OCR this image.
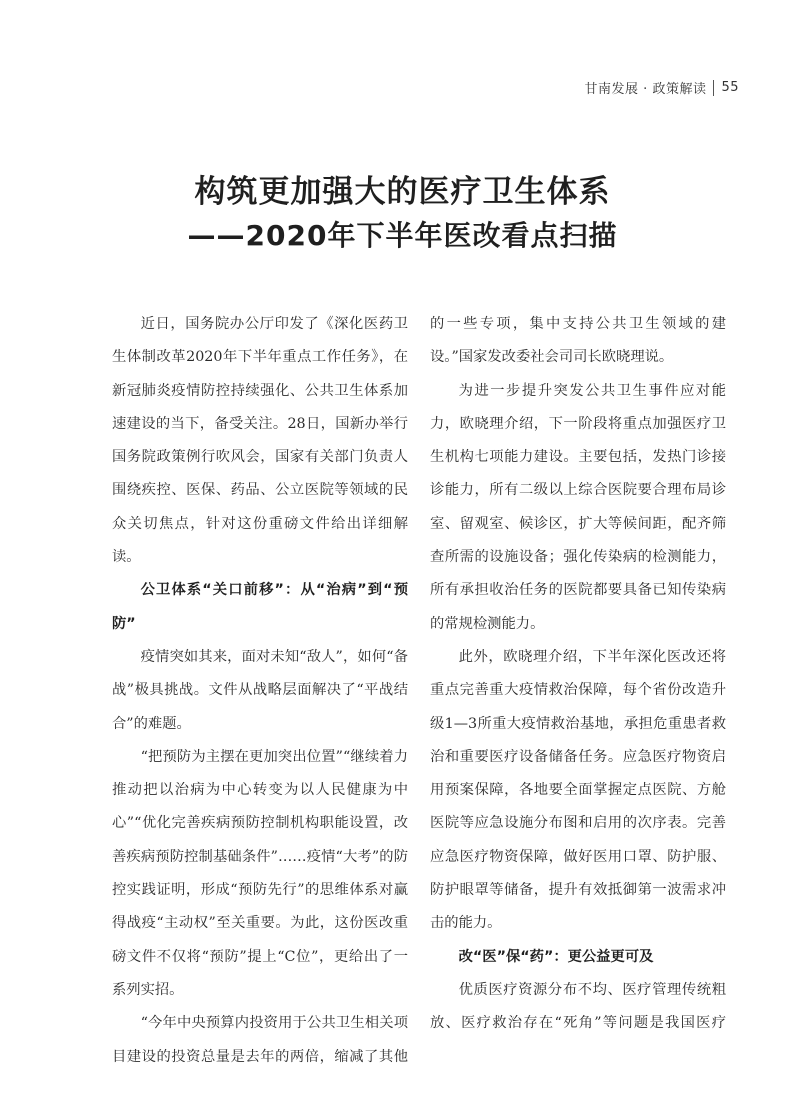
甘南发展 · 政策解读 55
构筑更加强大的医疗卫生体系
——2020年下半年医改看点扫描

近日，国务院办公厅印发了《深化医药卫生体制改革2020年下半年重点工作任务》，在新冠肺炎疫情防控持续强化、公共卫生体系加速建设的当下，备受关注。28日，国新办举行国务院政策例行吹风会，国家有关部门负责人围绕疾控、医保、药品、公立医院等领域的民众关切焦点，针对这份重磅文件给出详细解读。

公卫体系“关口前移”：从“治病”到“预防”

疫情突如其来，面对未知“敌人”，如何“备战”极具挑战。文件从战略层面解决了“平战结合”的难题。

“把预防为主摆在更加突出位置”“继续着力推动把以治病为中心转变为以人民健康为中心”“优化完善疾病预防控制机构职能设置，改善疾病预防控制基础条件”……疫情“大考”的防控实践证明，形成“预防先行”的思维体系对赢得战疫“主动权”至关重要。为此，这份医改重磅文件不仅将“预防”提上“C位”，更给出了一系列实招。

“今年中央预算内投资用于公共卫生相关项目建设的投资总量是去年的两倍，缩减了其他

的一些专项，集中支持公共卫生领域的建设。”国家发改委社会司司长欧晓理说。

为进一步提升突发公共卫生事件应对能力，欧晓理介绍，下一阶段将重点加强医疗卫生机构七项能力建设。主要包括，发热门诊接诊能力，所有二级以上综合医院要合理布局诊室、留观室、候诊区，扩大等候间距，配齐筛查所需的设施设备；强化传染病的检测能力，所有承担收治任务的医院都要具备已知传染病的常规检测能力。

此外，欧晓理介绍，下半年深化医改还将重点完善重大疫情救治保障，每个省份改造升级1—3所重大疫情救治基地，承担危重患者救治和重要医疗设备储备任务。应急医疗物资启用预案保障，各地要全面掌握定点医院、方舱医院等应急设施分布图和启用的次序表。完善应急医疗物资保障，做好医用口罩、防护服、防护眼罩等储备，提升有效抵御第一波需求冲击的能力。

改“医”保“药”：更公益更可及

优质医疗资源分布不均、医疗管理传统粗放、医疗救治存在“死角”等问题是我国医疗
